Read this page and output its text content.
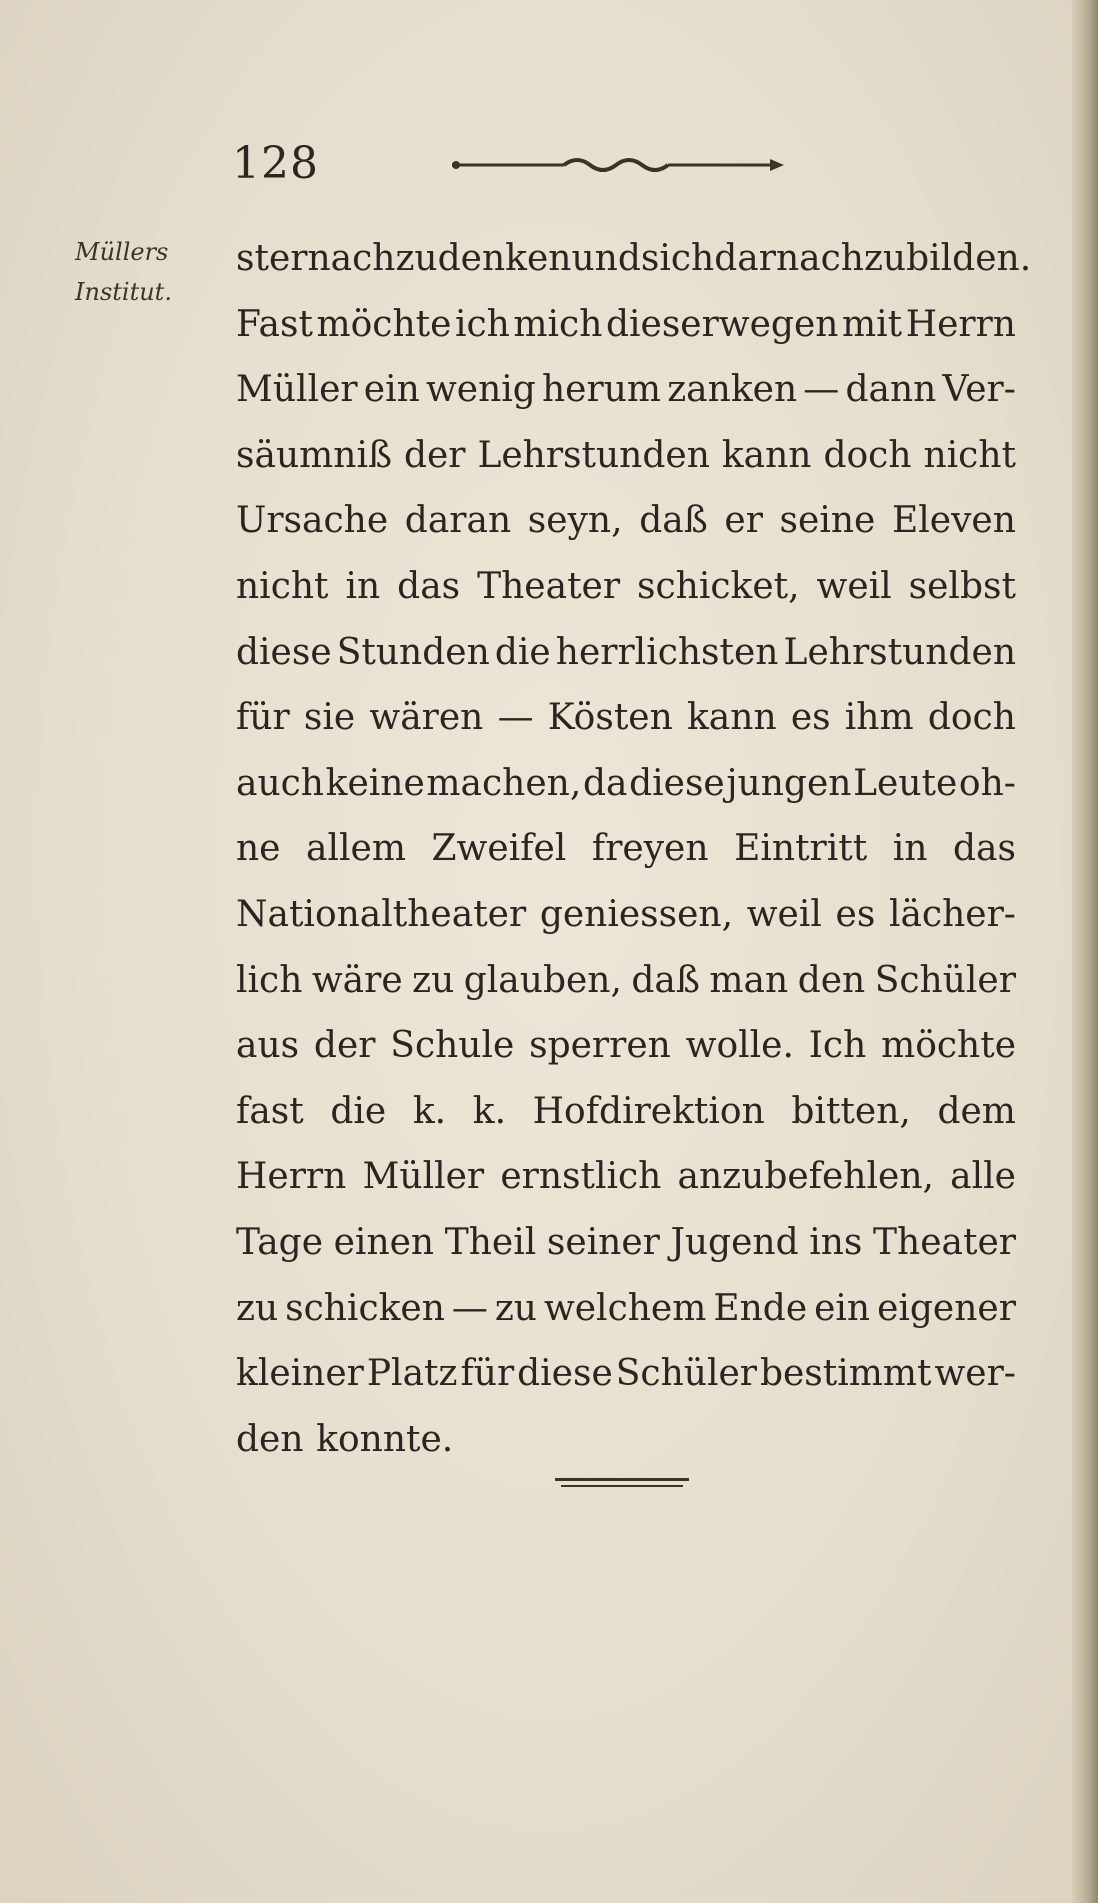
128
Müllers
Institut.
ster nachzudenken und sich darnach zu bilden.
Fast möchte ich mich dieserwegen mit Herrn
Müller ein wenig herum zanken — dann Ver-
säumniß der Lehrstunden kann doch nicht
Ursache daran seyn, daß er seine Eleven
nicht in das Theater schicket, weil selbst
diese Stunden die herrlichsten Lehrstunden
für sie wären — Kösten kann es ihm doch
auch keine machen, da diese jungen Leute oh-
ne allem Zweifel freyen Eintritt in das
Nationaltheater geniessen, weil es lächer-
lich wäre zu glauben, daß man den Schüler
aus der Schule sperren wolle. Ich möchte
fast die k. k. Hofdirektion bitten, dem
Herrn Müller ernstlich anzubefehlen, alle
Tage einen Theil seiner Jugend ins Theater
zu schicken — zu welchem Ende ein eigener
kleiner Platz für diese Schüler bestimmt wer-
den konnte.
